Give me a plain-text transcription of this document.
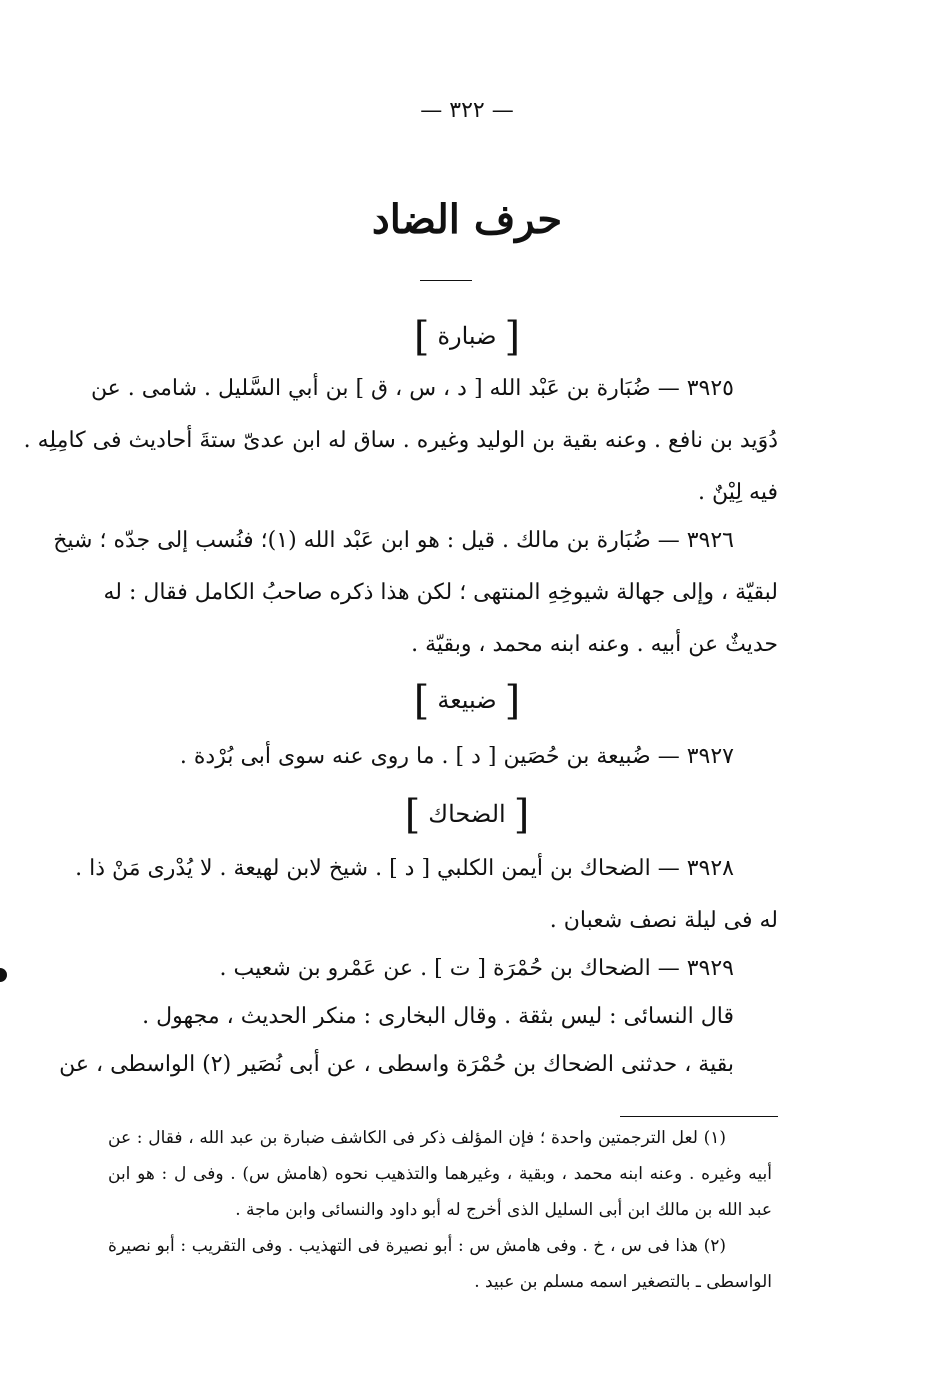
— ٣٢٢ —
حرف الضاد
[ضبارة]
٣٩٢٥ — ضُبَارة بن عَبْد الله [ د ، س ، ق ] بن أبي السَّليل . شامى . عن
دُوَيد بن نافع . وعنه بقية بن الوليد وغيره . ساق له ابن عدىّ ستةَ أحاديث فى كامِلِه .
فيه لِيْنٌ .
٣٩٢٦ — ضُبَارة بن مالك . قيل : هو ابن عَبْد الله (١)؛ فنُسب إلى جدّه ؛ شيخ
لبقيّة ، وإلى جهالة شيوخِهِ المنتهى ؛ لكن هذا ذكره صاحبُ الكامل فقال : له
حديثٌ عن أبيه . وعنه ابنه محمد ، وبقيّة .
[ضبيعة]
٣٩٢٧ — ضُبيعة بن حُصَين [ د ] . ما روى عنه سوى أبى بُرْدة .
[الضحاك]
٣٩٢٨ — الضحاك بن أيمن الكلبي [ د ] . شيخ لابن لهيعة . لا يُدْرى مَنْ ذا .
له فى ليلة نصف شعبان .
٣٩٢٩ — الضحاك بن حُمْرَة [ ت ] . عن عَمْرو بن شعيب .
قال النسائى : ليس بثقة . وقال البخارى : منكر الحديث ، مجهول .
بقية ، حدثنى الضحاك بن حُمْرَة واسطى ، عن أبى نُصَير (٢) الواسطى ، عن
(١) لعل الترجمتين واحدة ؛ فإن المؤلف ذكر فى الكاشف ضبارة بن عبد الله ، فقال : عن
أبيه وغيره . وعنه ابنه محمد ، وبقية ، وغيرهما والتذهيب نحوه (هامش س) . وفى ل : هو ابن
عبد الله بن مالك ابن أبى السليل الذى أخرج له أبو داود والنسائى وابن ماجة .
(٢) هذا فى س ، خ . وفى هامش س : أبو نصيرة فى التهذيب . وفى التقريب : أبو نصيرة
الواسطى ـ بالتصغير اسمه مسلم بن عبيد .
